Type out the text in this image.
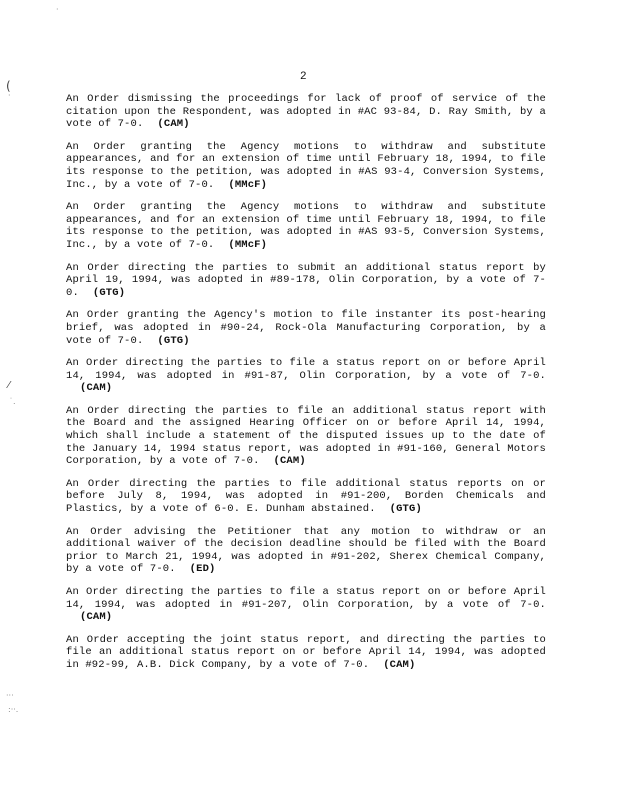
(
·
⁄
˙.
···
:··.
·
2

An Order dismissing the proceedings for lack of proof of service of the citation upon the Respondent, was adopted in #AC 93-84, D. Ray Smith, by a vote of 7-0. (CAM)

An Order granting the Agency motions to withdraw and substitute appearances, and for an extension of time until February 18, 1994, to file its response to the petition, was adopted in #AS 93-4, Conversion Systems, Inc., by a vote of 7-0. (MMcF)

An Order granting the Agency motions to withdraw and substitute appearances, and for an extension of time until February 18, 1994, to file its response to the petition, was adopted in #AS 93-5, Conversion Systems, Inc., by a vote of 7-0. (MMcF)

An Order directing the parties to submit an additional status report by April 19, 1994, was adopted in #89-178, Olin Corporation, by a vote of 7-0. (GTG)

An Order granting the Agency's motion to file instanter its post-hearing brief, was adopted in #90-24, Rock-Ola Manufacturing Corporation, by a vote of 7-0. (GTG)

An Order directing the parties to file a status report on or before April 14, 1994, was adopted in #91-87, Olin Corporation, by a vote of 7-0.(CAM)

An Order directing the parties to file an additional status report with the Board and the assigned Hearing Officer on or before April 14, 1994, which shall include a statement of the disputed issues up to the date of the January 14, 1994 status report, was adopted in #91-160, General Motors Corporation, by a vote of 7-0. (CAM)

An Order directing the parties to file additional status reports on or before July 8, 1994, was adopted in #91-200, Borden Chemicals and Plastics, by a vote of 6-0. E. Dunham abstained. (GTG)

An Order advising the Petitioner that any motion to withdraw or an additional waiver of the decision deadline should be filed with the Board prior to March 21, 1994, was adopted in #91-202, Sherex Chemical Company, by a vote of 7-0. (ED)

An Order directing the parties to file a status report on or before April 14, 1994, was adopted in #91-207, Olin Corporation, by a vote of 7-0.(CAM)

An Order accepting the joint status report, and directing the parties to file an additional status report on or before April 14, 1994, was adopted in #92-99, A.B. Dick Company, by a vote of 7-0. (CAM)
